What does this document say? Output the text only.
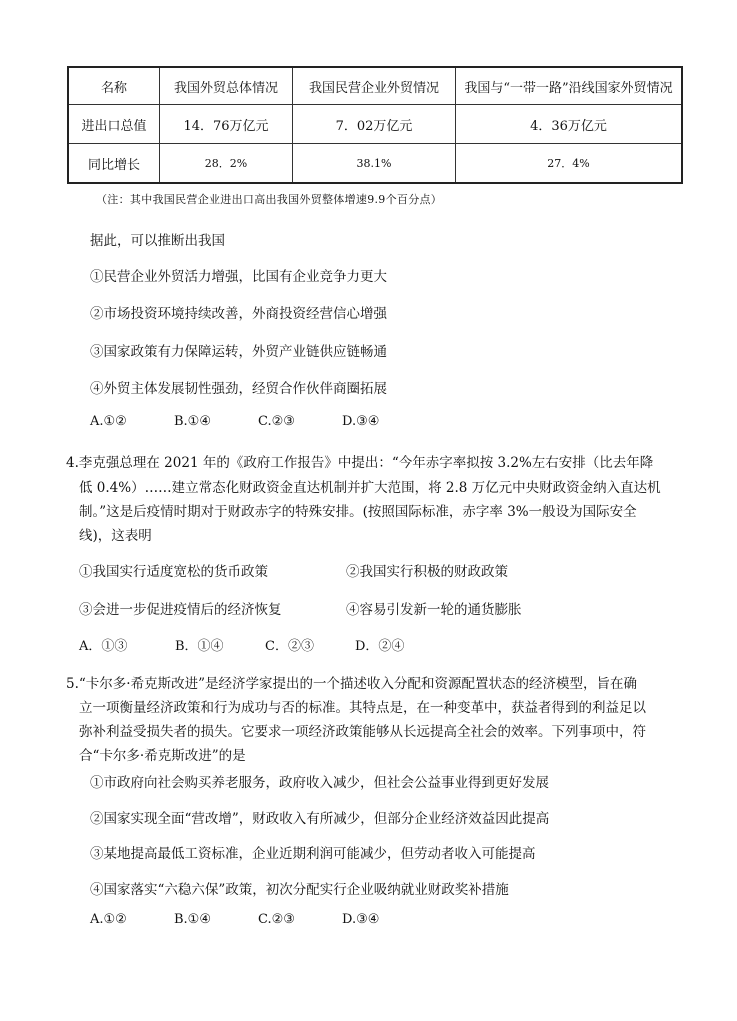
名称	我国外贸总体情况	我国民营企业外贸情况	我国与“一带一路”沿线国家外贸情况
进出口总值	14．76万亿元	7．02万亿元	4．36万亿元
同比增长	28．2%	38.1%	27．4%
（注：其中我国民营企业进出口高出我国外贸整体增速9.9个百分点）
据此，可以推断出我国
①民营企业外贸活力增强，比国有企业竞争力更大
②市场投资环境持续改善，外商投资经营信心增强
③国家政策有力保障运转，外贸产业链供应链畅通
④外贸主体发展韧性强劲，经贸合作伙伴商圈拓展
A.①②	B.①④	C.②③	D.③④
4.李克强总理在 2021 年的《政府工作报告》中提出：“今年赤字率拟按 3.2%左右安排（比去年降
低 0.4%）……建立常态化财政资金直达机制并扩大范围，将 2.8 万亿元中央财政资金纳入直达机
制。”这是后疫情时期对于财政赤字的特殊安排。(按照国际标准，赤字率 3%一般设为国际安全
线)，这表明
①我国实行适度宽松的货币政策	②我国实行积极的财政政策
③会进一步促进疫情后的经济恢复	④容易引发新一轮的通货膨胀
A．①③	B．①④	C．②③	D．②④
5.“卡尔多·希克斯改进”是经济学家提出的一个描述收入分配和资源配置状态的经济模型，旨在确
立一项衡量经济政策和行为成功与否的标准。其特点是，在一种变革中，获益者得到的利益足以
弥补利益受损失者的损失。它要求一项经济政策能够从长远提高全社会的效率。下列事项中，符
合“卡尔多·希克斯改进”的是
①市政府向社会购买养老服务，政府收入减少，但社会公益事业得到更好发展
②国家实现全面“营改增”，财政收入有所减少，但部分企业经济效益因此提高
③某地提高最低工资标准，企业近期利润可能减少，但劳动者收入可能提高
④国家落实“六稳六保”政策，初次分配实行企业吸纳就业财政奖补措施
A.①②	B.①④	C.②③	D.③④
